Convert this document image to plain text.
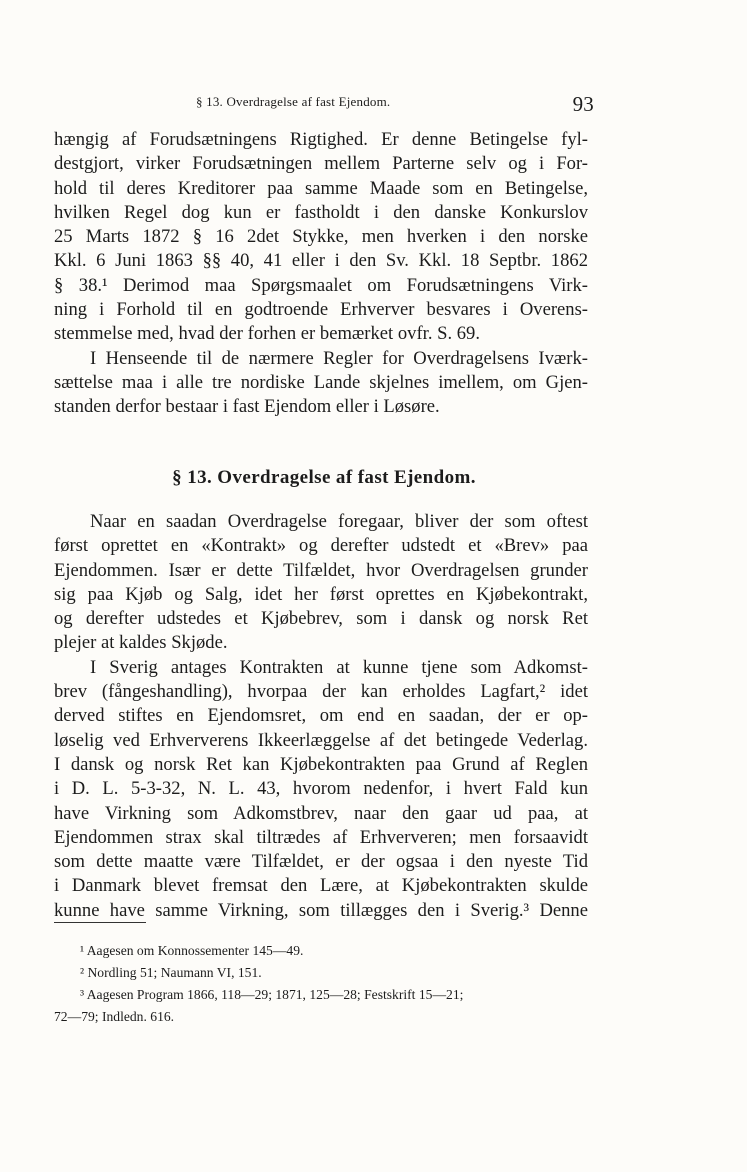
§ 13. Overdragelse af fast Ejendom.	93
hængig af Forudsætningens Rigtighed. Er denne Betingelse fyl-
destgjort, virker Forudsætningen mellem Parterne selv og i For-
hold til deres Kreditorer paa samme Maade som en Betingelse,
hvilken Regel dog kun er fastholdt i den danske Konkurslov
25 Marts 1872 § 16 2det Stykke, men hverken i den norske
Kkl. 6 Juni 1863 §§ 40, 41 eller i den Sv. Kkl. 18 Septbr. 1862
§ 38.¹ Derimod maa Spørgsmaalet om Forudsætningens Virk-
ning i Forhold til en godtroende Erhverver besvares i Overens-
stemmelse med, hvad der forhen er bemærket ovfr. S. 69.
I Henseende til de nærmere Regler for Overdragelsens Iværk-
sættelse maa i alle tre nordiske Lande skjelnes imellem, om Gjen-
standen derfor bestaar i fast Ejendom eller i Løsøre.
§ 13. Overdragelse af fast Ejendom.
Naar en saadan Overdragelse foregaar, bliver der som oftest
først oprettet en «Kontrakt» og derefter udstedt et «Brev» paa
Ejendommen. Især er dette Tilfældet, hvor Overdragelsen grunder
sig paa Kjøb og Salg, idet her først oprettes en Kjøbekontrakt,
og derefter udstedes et Kjøbebrev, som i dansk og norsk Ret
plejer at kaldes Skjøde.
I Sverig antages Kontrakten at kunne tjene som Adkomst-
brev (fångeshandling), hvorpaa der kan erholdes Lagfart,² idet
derved stiftes en Ejendomsret, om end en saadan, der er op-
løselig ved Erhververens Ikkeerlæggelse af det betingede Vederlag.
I dansk og norsk Ret kan Kjøbekontrakten paa Grund af Reglen
i D. L. 5-3-32, N. L. 43, hvorom nedenfor, i hvert Fald kun
have Virkning som Adkomstbrev, naar den gaar ud paa, at
Ejendommen strax skal tiltrædes af Erhververen; men forsaavidt
som dette maatte være Tilfældet, er der ogsaa i den nyeste Tid
i Danmark blevet fremsat den Lære, at Kjøbekontrakten skulde
kunne have samme Virkning, som tillægges den i Sverig.³ Denne
¹ Aagesen om Konnossementer 145—49.
² Nordling 51; Naumann VI, 151.
³ Aagesen Program 1866, 118—29; 1871, 125—28; Festskrift 15—21;
72—79; Indledn. 616.
